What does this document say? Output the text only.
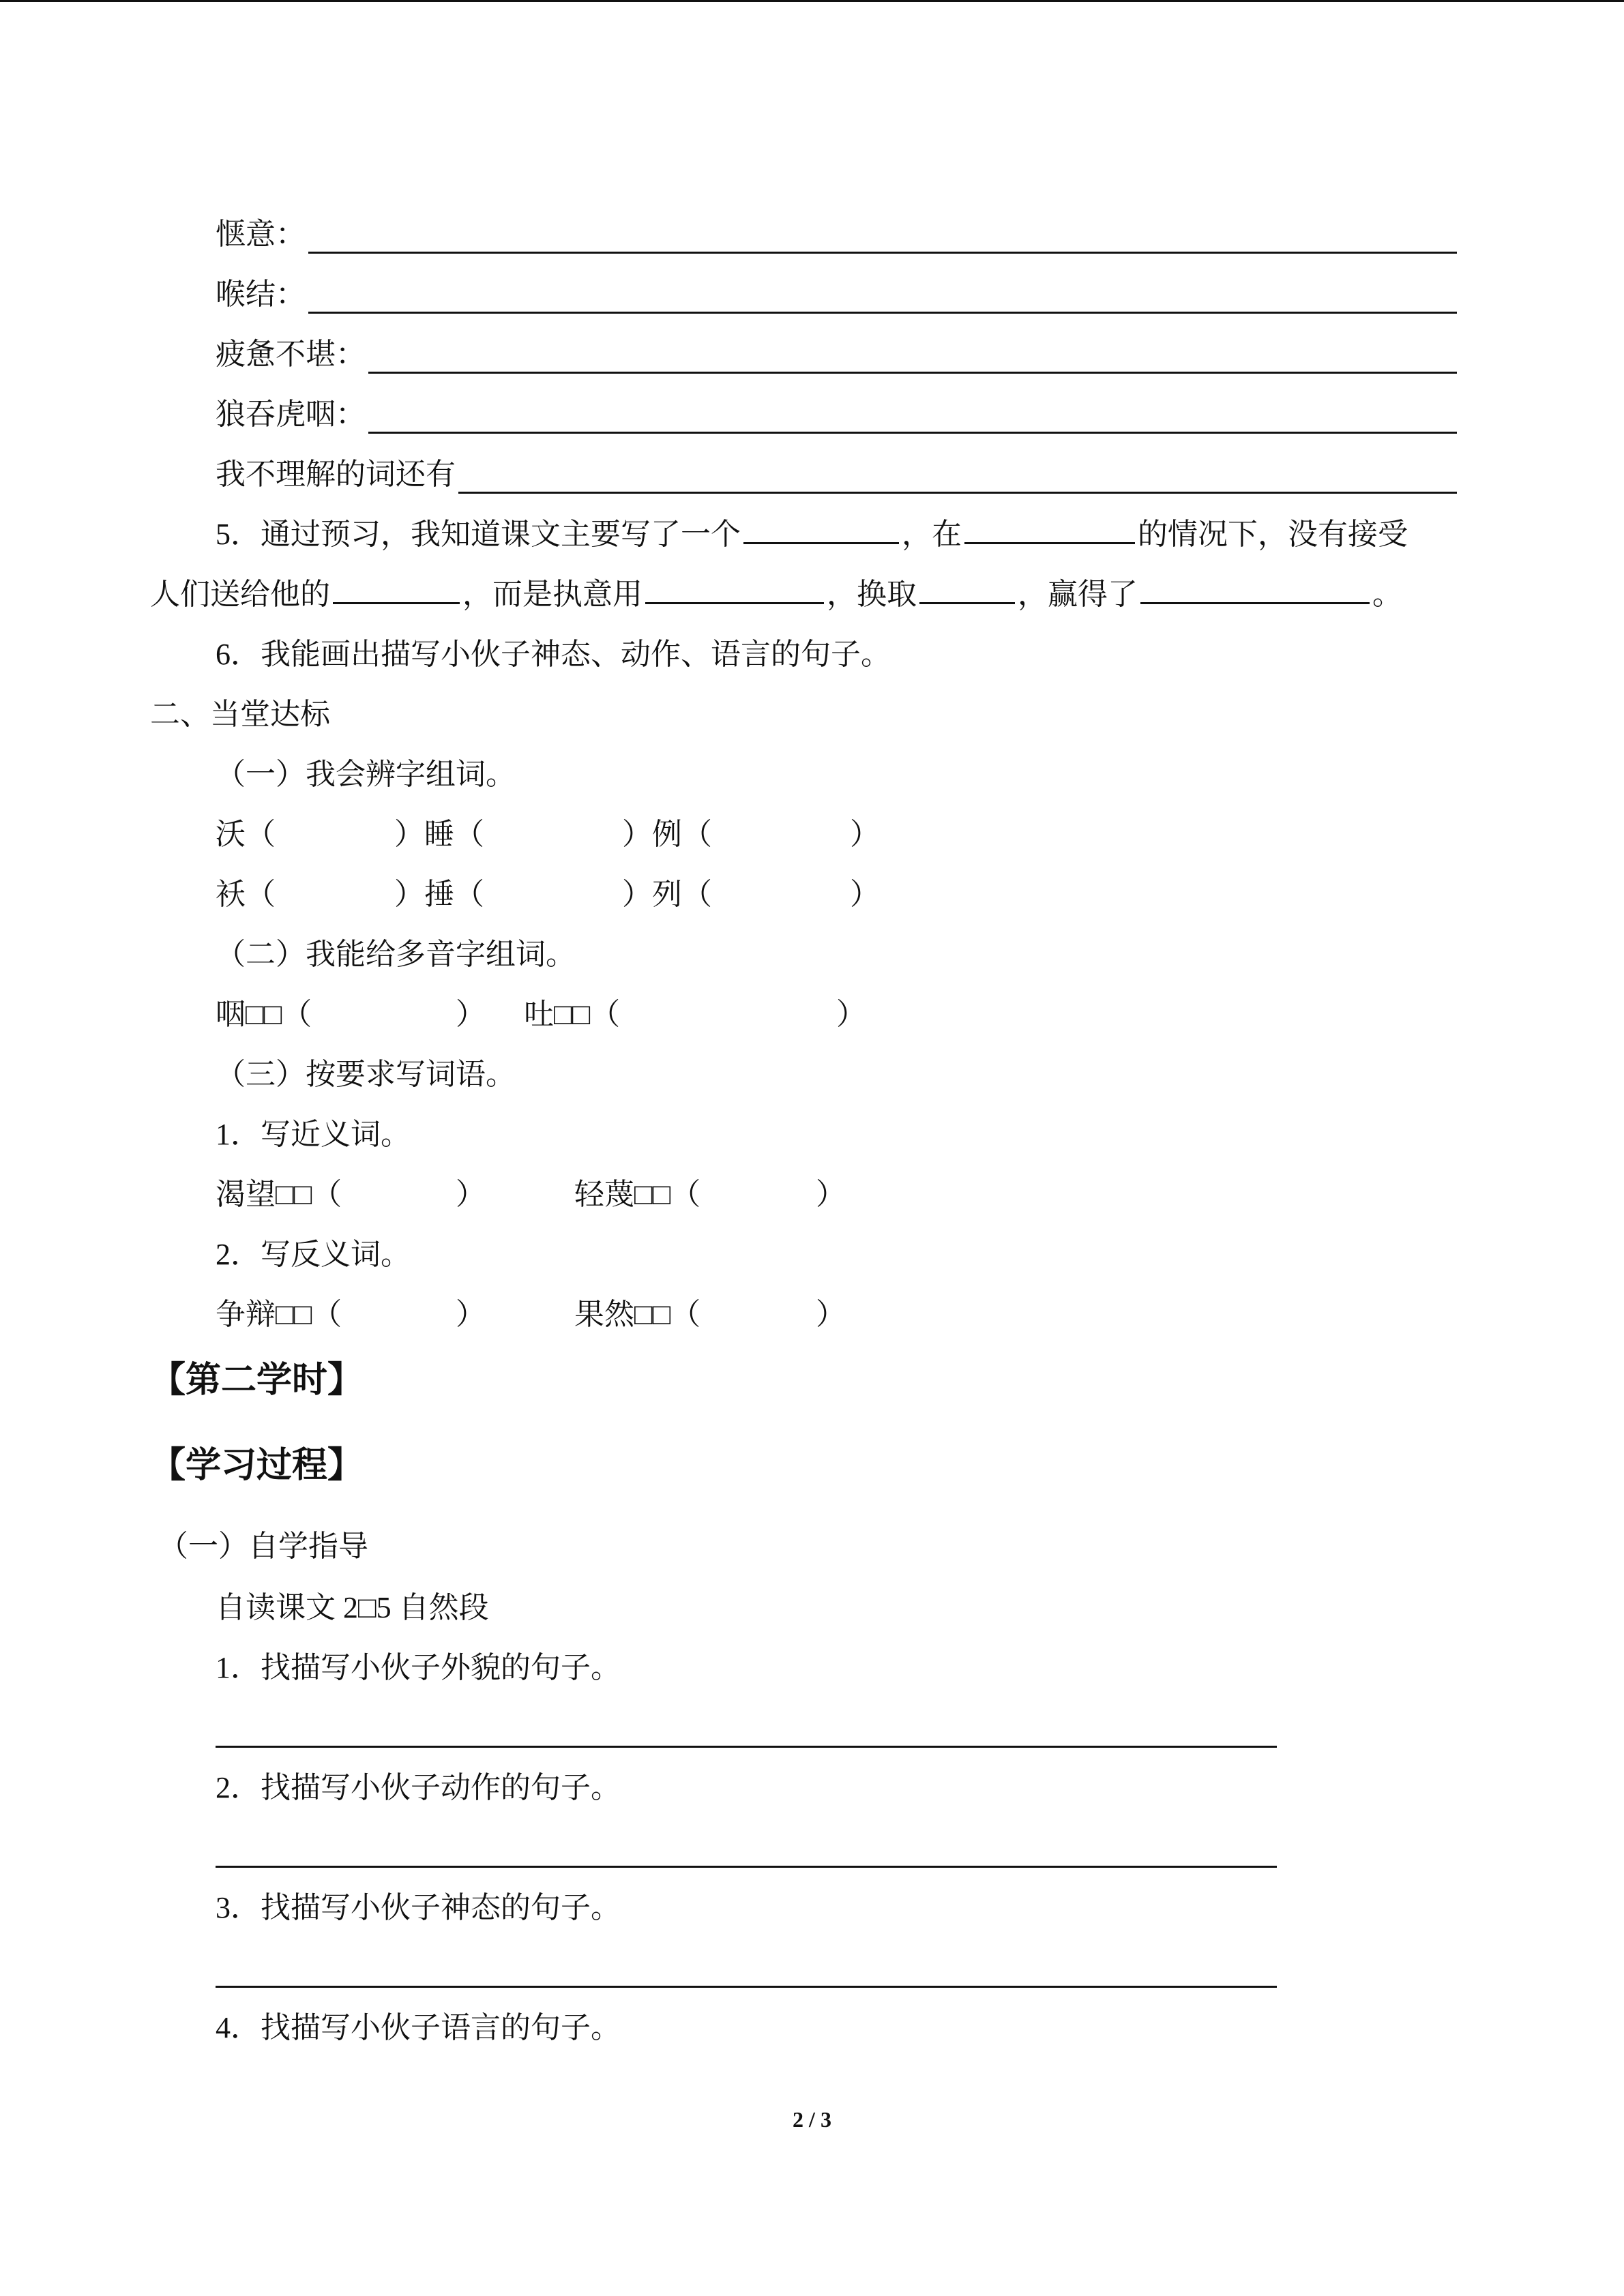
惬意：
喉结：
疲惫不堪：
狼吞虎咽：
我不理解的词还有
5．通过预习，我知道课文主要写了一个	，在	的情况下，没有接受
人们送给他的	，而是执意用	，换取	，赢得了	。
6．我能画出描写小伙子神态、动作、语言的句子。
二、当堂达标
（一）我会辨字组词。
沃（	）睡（	）例（	）
袄（	）捶（	）列（	）
（二）我能给多音字组词。
咽□□（	） 吐□□（	）
（三）按要求写词语。
1．写近义词。
渴望□□（	）	轻蔑□□（	）
2．写反义词。
争辩□□（	）	果然□□（	）
【第二学时】
【学习过程】
（一）自学指导
自读课文 2□5 自然段
1．找描写小伙子外貌的句子。
2．找描写小伙子动作的句子。
3．找描写小伙子神态的句子。
4．找描写小伙子语言的句子。
2 / 3
